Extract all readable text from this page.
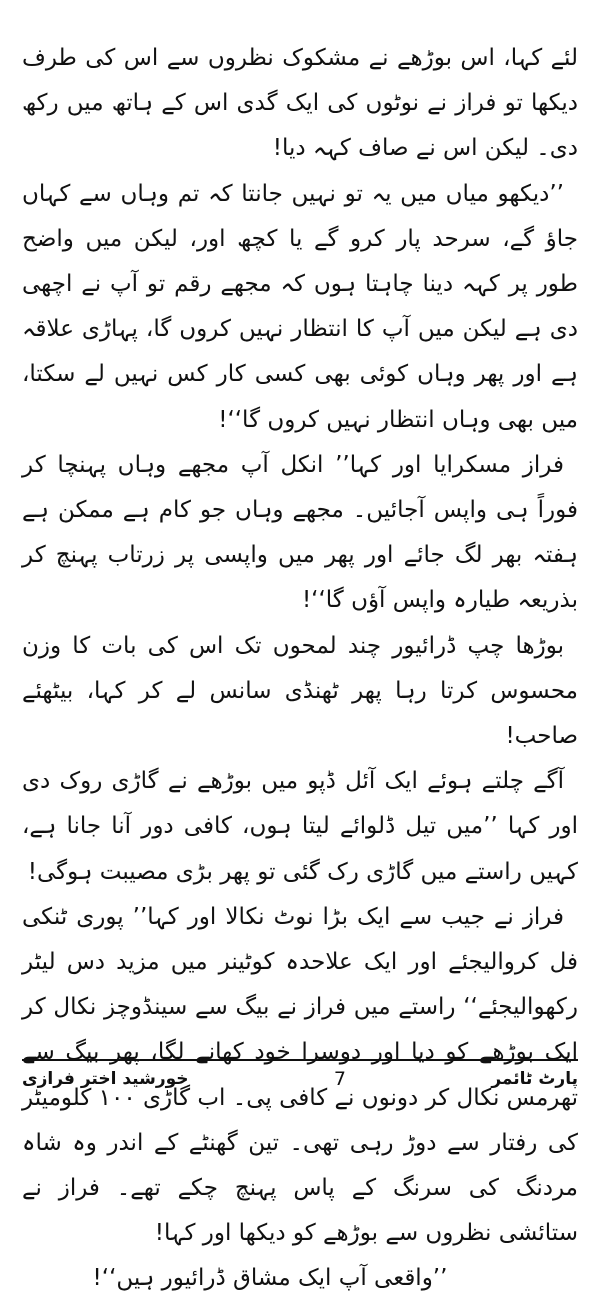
لئے کہا، اس بوڑھے نے مشکوک نظروں سے اس کی طرف دیکھا تو فراز نے نوٹوں کی ایک گدی اس کے ہاتھ میں رکھ دی۔ لیکن اس نے صاف کہہ دیا!

’’دیکھو میاں میں یہ تو نہیں جانتا کہ تم وہاں سے کہاں جاؤ گے، سرحد پار کرو گے یا کچھ اور، لیکن میں واضح طور پر کہہ دینا چاہتا ہوں کہ مجھے رقم تو آپ نے اچھی دی ہے لیکن میں آپ کا انتظار نہیں کروں گا، پہاڑی علاقہ ہے اور پھر وہاں کوئی بھی کسی کار کس نہیں لے سکتا، میں بھی وہاں انتظار نہیں کروں گا‘‘!

فراز مسکرایا اور کہا’’ انکل آپ مجھے وہاں پہنچا کر فوراً ہی واپس آجائیں۔ مجھے وہاں جو کام ہے ممکن ہے ہفتہ بھر لگ جائے اور پھر میں واپسی پر زرتاب پہنچ کر بذریعہ طیارہ واپس آؤں گا‘‘!

بوڑھا چپ ڈرائیور چند لمحوں تک اس کی بات کا وزن محسوس کرتا رہا پھر ٹھنڈی سانس لے کر کہا، بیٹھئے صاحب!

آگے چلتے ہوئے ایک آئل ڈپو میں بوڑھے نے گاڑی روک دی اور کہا ’’میں تیل ڈلوائے لیتا ہوں، کافی دور آنا جانا ہے، کہیں راستے میں گاڑی رک گئی تو پھر بڑی مصیبت ہوگی!

فراز نے جیب سے ایک بڑا نوٹ نکالا اور کہا’’ پوری ٹنکی فل کروالیجئے اور ایک علاحدہ کوٹینر میں مزید دس لیٹر رکھوالیجئے‘‘ راستے میں فراز نے بیگ سے سینڈوچز نکال کر ایک بوڑھے کو دیا اور دوسرا خود کھانے لگا، پھر بیگ سے تھرمس نکال کر دونوں نے کافی پی۔ اب گاڑی ۱۰۰ کلومیٹر کی رفتار سے دوڑ رہی تھی۔ تین گھنٹے کے اندر وہ شاہ مردنگ کی سرنگ کے پاس پہنچ چکے تھے۔ فراز نے ستائشی نظروں سے بوڑھے کو دیکھا اور کہا!

’’واقعی آپ ایک مشاق ڈرائیور ہیں‘‘!

پارٹ ٹائمر
7
خورشید اختر فرازی
